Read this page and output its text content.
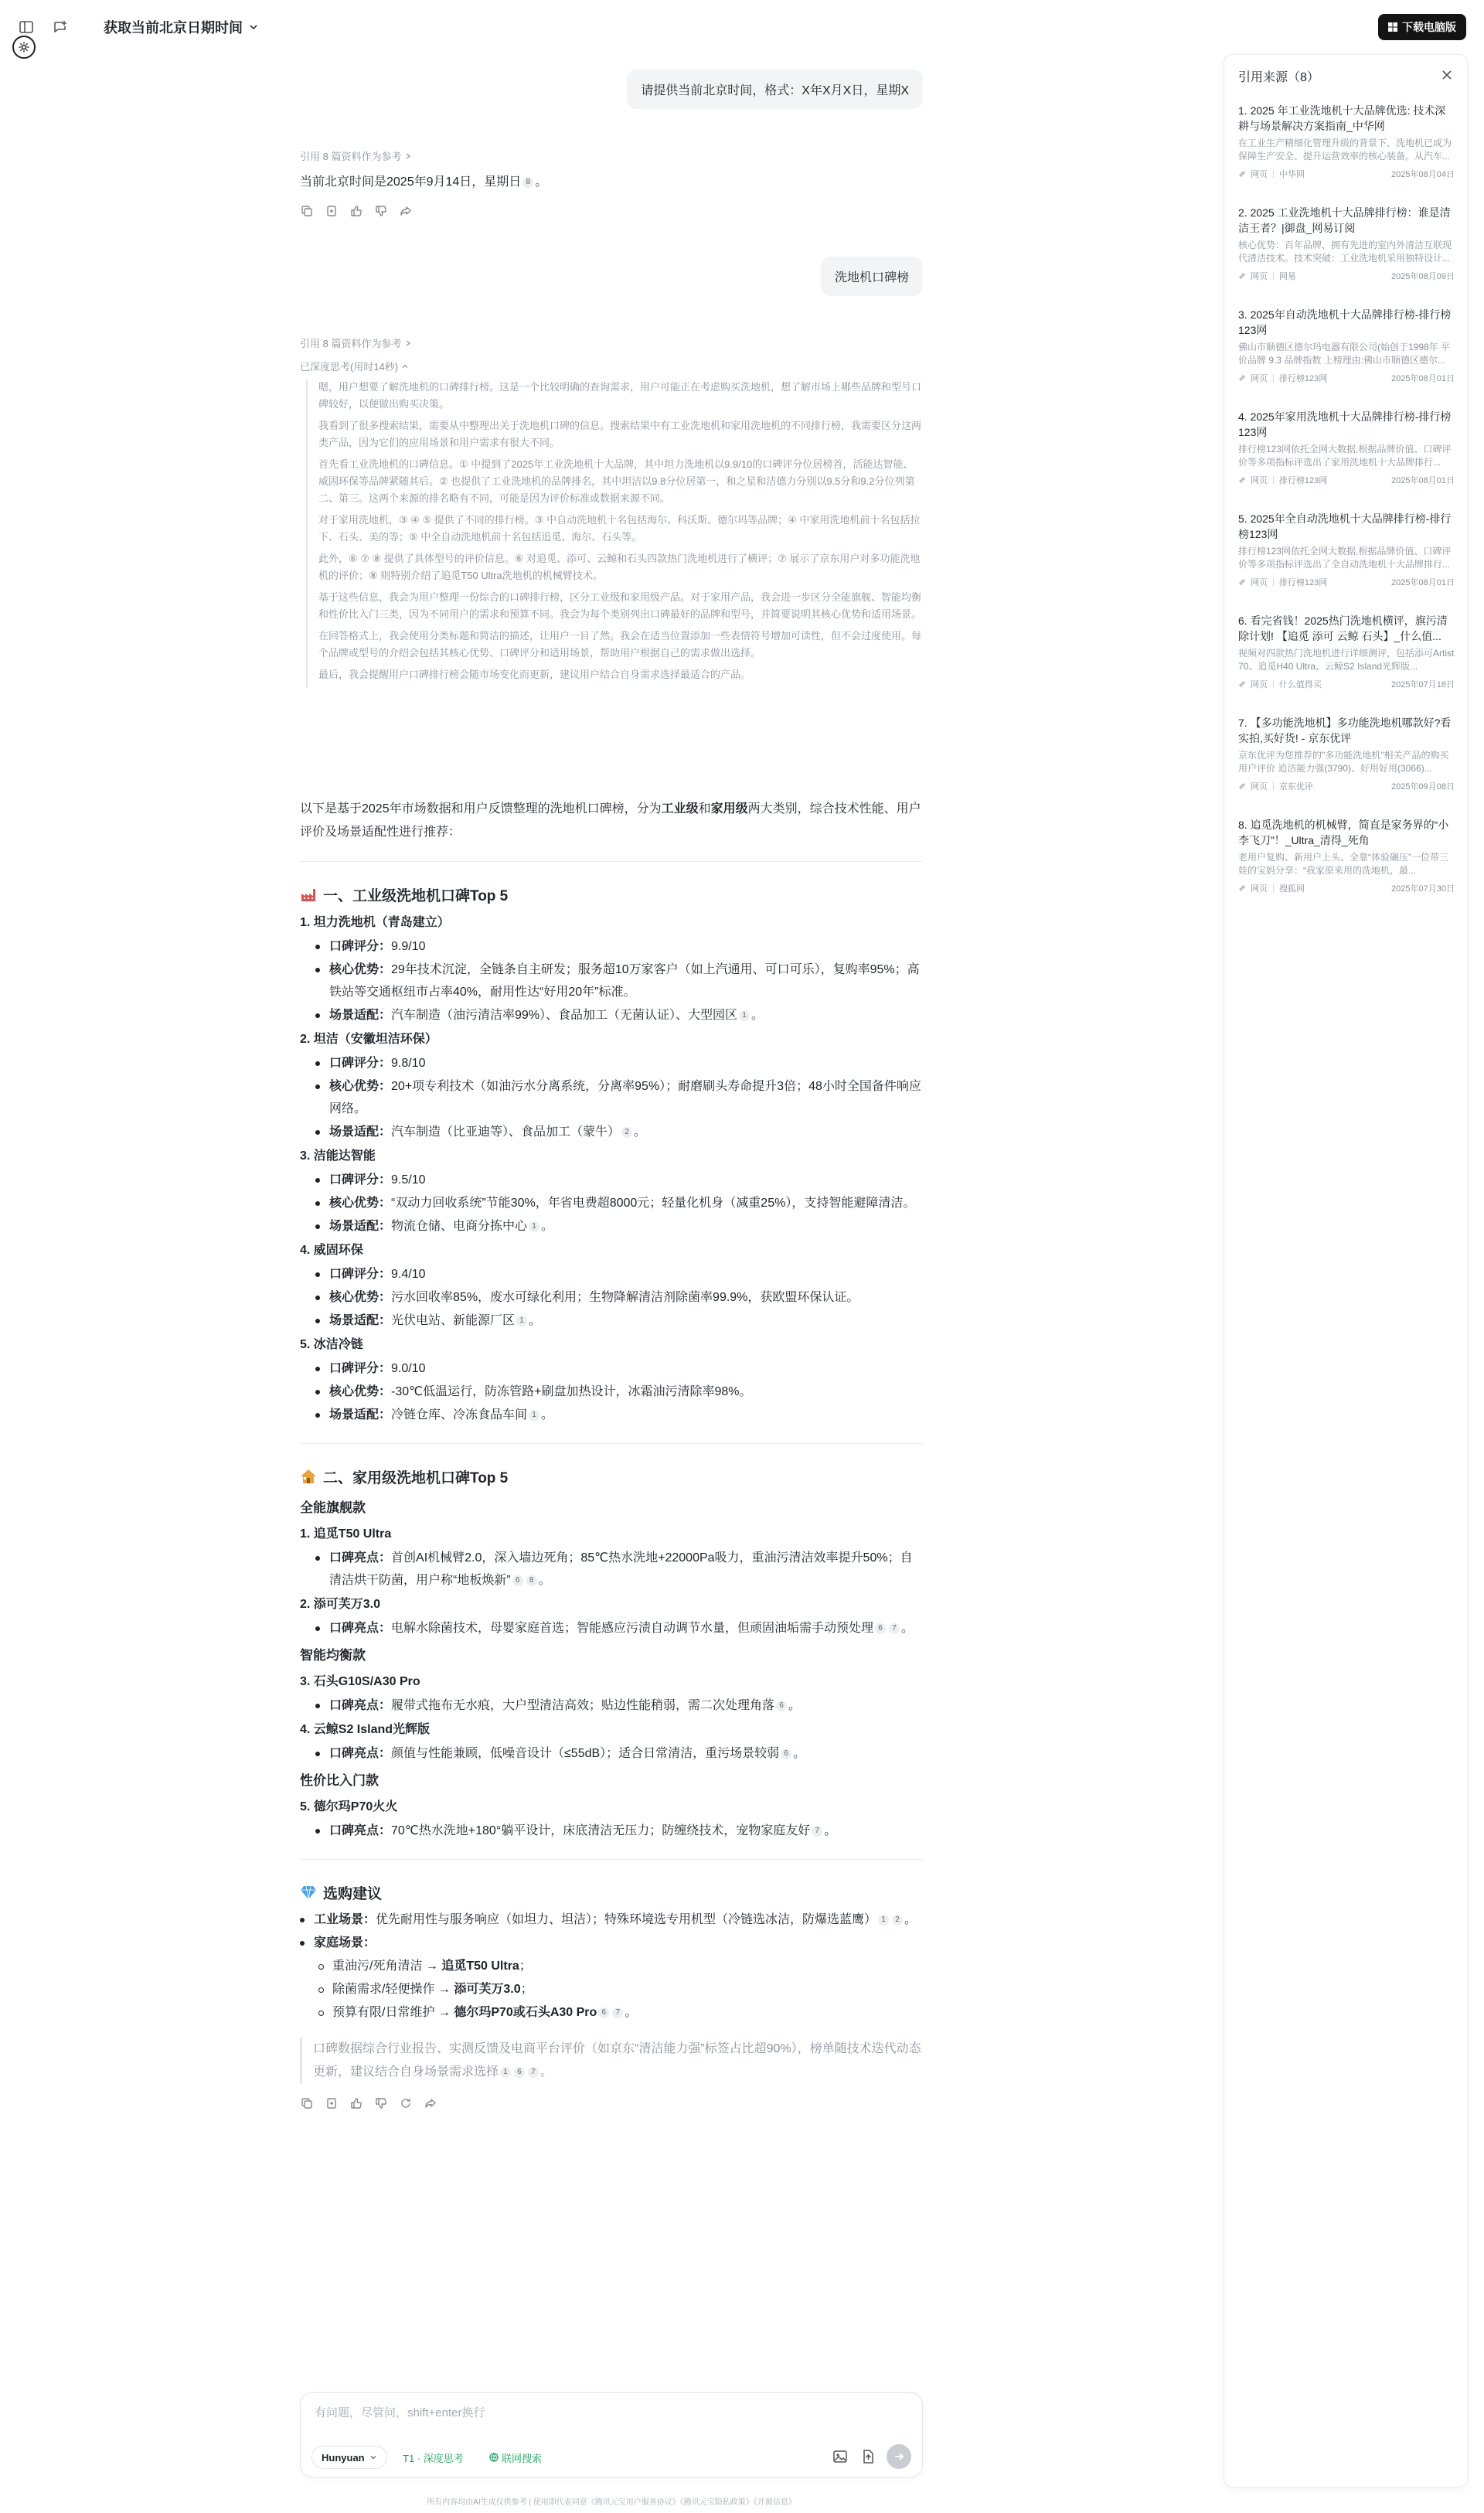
获取当前北京日期时间
请提供当前北京时间，格式：X年X月X日，星期X
引用 8 篇资料作为参考
当前北京时间是2025年9月14日，星期日 8 。
洗地机口碑榜
引用 8 篇资料作为参考
已深度思考(用时14秒)

嗯，用户想要了解洗地机的口碑排行榜。这是一个比较明确的查询需求，用户可能正在考虑购买洗地机，想了解市场上哪些品牌和型号口碑较好，以便做出购买决策。

我看到了很多搜索结果，需要从中整理出关于洗地机口碑的信息。搜索结果中有工业洗地机和家用洗地机的不同排行榜，我需要区分这两类产品，因为它们的应用场景和用户需求有很大不同。

首先看工业洗地机的口碑信息。① 中提到了2025年工业洗地机十大品牌，其中坦力洗地机以9.9/10的口碑评分位居榜首，活能达智能、威固环保等品牌紧随其后。② 也提供了工业洗地机的品牌排名，其中坦洁以9.8分位居第一，和之星和洁德力分别以9.5分和9.2分位列第二、第三。这两个来源的排名略有不同，可能是因为评价标准或数据来源不同。

对于家用洗地机，③ ④ ⑤ 提供了不同的排行榜。③ 中自动洗地机十名包括海尔、科沃斯、德尔玛等品牌；④ 中家用洗地机前十名包括拉下、石头、美的等；⑤ 中全自动洗地机前十名包括追觅、海尔、石头等。

此外，⑥ ⑦ ⑧ 提供了具体型号的评价信息。⑥ 对追觅、添可、云鲸和石头四款热门洗地机进行了横评；⑦ 展示了京东用户对多功能洗地机的评价；⑧ 则特别介绍了追觅T50 Ultra洗地机的机械臂技术。

基于这些信息，我会为用户整理一份综合的口碑排行榜，区分工业级和家用级产品。对于家用产品，我会进一步区分全能旗舰、智能均衡和性价比入门三类，因为不同用户的需求和预算不同。我会为每个类别列出口碑最好的品牌和型号，并简要说明其核心优势和适用场景。

在回答格式上，我会使用分类标题和简洁的描述，让用户一目了然。我会在适当位置添加一些表情符号增加可读性，但不会过度使用。每个品牌或型号的介绍会包括其核心优势、口碑评分和适用场景，帮助用户根据自己的需求做出选择。

最后，我会提醒用户口碑排行榜会随市场变化而更新，建议用户结合自身需求选择最适合的产品。

以下是基于2025年市场数据和用户反馈整理的洗地机口碑榜，分为工业级和家用级两大类别，综合技术性能、用户评价及场景适配性进行推荐：
一、工业级洗地机口碑Top 5
1. 坦力洗地机（青岛建立）
口碑评分：9.9/10
核心优势：29年技术沉淀，全链条自主研发；服务超10万家客户（如上汽通用、可口可乐），复购率95%；高铁站等交通枢纽市占率40%，耐用性达“好用20年”标准。
场景适配：汽车制造（油污清洁率99%）、食品加工（无菌认证）、大型园区 1 。
2. 坦洁（安徽坦洁环保）
口碑评分：9.8/10
核心优势：20+项专利技术（如油污水分离系统，分离率95%）；耐磨刷头寿命提升3倍；48小时全国备件响应网络。
场景适配：汽车制造（比亚迪等）、食品加工（蒙牛） 2 。
3. 洁能达智能
口碑评分：9.5/10
核心优势：“双动力回收系统”节能30%，年省电费超8000元；轻量化机身（减重25%），支持智能避障清洁。
场景适配：物流仓储、电商分拣中心 1 。
4. 威固环保
口碑评分：9.4/10
核心优势：污水回收率85%，废水可绿化利用；生物降解清洁剂除菌率99.9%，获欧盟环保认证。
场景适配：光伏电站、新能源厂区 1 。
5. 冰洁冷链
口碑评分：9.0/10
核心优势：-30℃低温运行，防冻管路+刷盘加热设计，冰霜油污清除率98%。
场景适配：冷链仓库、冷冻食品车间 1 。
二、家用级洗地机口碑Top 5
全能旗舰款
1. 追觅T50 Ultra
口碑亮点：首创AI机械臂2.0，深入墙边死角；85℃热水洗地+22000Pa吸力，重油污清洁效率提升50%；自清洁烘干防菌，用户称“地板焕新” 6 8 。
2. 添可芙万3.0
口碑亮点：电解水除菌技术，母婴家庭首选；智能感应污渍自动调节水量，但顽固油垢需手动预处理 6 7 。
智能均衡款
3. 石头G10S/A30 Pro
口碑亮点：履带式拖布无水痕，大户型清洁高效；贴边性能稍弱，需二次处理角落 6 。
4. 云鲸S2 Island光辉版
口碑亮点：颜值与性能兼顾，低噪音设计（≤55dB）；适合日常清洁，重污场景较弱 6 。
性价比入门款
5. 德尔玛P70火火
口碑亮点：70℃热水洗地+180°躺平设计，床底清洁无压力；防缠绕技术，宠物家庭友好 7 。
选购建议
工业场景：优先耐用性与服务响应（如坦力、坦洁）；特殊环境选专用机型（冷链选冰洁，防爆选蓝鹰） 1 2 。
家庭场景：
重油污/死角清洁 → 追觅T50 Ultra；
除菌需求/轻便操作 → 添可芙万3.0；
预算有限/日常维护 → 德尔玛P70或石头A30 Pro 6 7 。
口碑数据综合行业报告、实测反馈及电商平台评价（如京东“清洁能力强”标签占比超90%），榜单随技术迭代动态更新，建议结合自身场景需求选择 1 6 7 。
有问题，尽管问，shift+enter换行
Hunyuan	T1 · 深度思考	联网搜索
所有内容均由AI生成仅供参考 | 使用即代表同意《腾讯元宝用户服务协议》《腾讯元宝隐私政策》《开源信息》
下载电脑版
引用来源（8）
1. 2025 年工业洗地机十大品牌优选: 技术深耕与场景解决方案指南_中华网
在工业生产精细化管理升级的背景下，洗地机已成为保障生产安全、提升运营效率的核心装备。从汽车...
网页 | 中华网	2025年08月04日
2. 2025 工业洗地机十大品牌排行榜：谁是清洁王者？|御盘_网易订阅
核心优势：百年品牌，拥有先进的室内外清洁互联现代清洁技术。技术突破：工业洗地机采用独特设计...
网页 | 网易	2025年08月09日
3. 2025年自动洗地机十大品牌排行榜-排行榜123网
佛山市顺德区德尔玛电器有限公司(始创于1998年 平价品牌 9.3 品牌指数 上榜理由:佛山市顺德区德尔...
网页 | 排行榜123网	2025年08月01日
4. 2025年家用洗地机十大品牌排行榜-排行榜123网
排行榜123网依托全网大数据,根据品牌价值、口碑评价等多项指标评选出了家用洗地机十大品牌排行...
网页 | 排行榜123网	2025年08月01日
5. 2025年全自动洗地机十大品牌排行榜-排行榜123网
排行榜123网依托全网大数据,根据品牌价值、口碑评价等多项指标评选出了全自动洗地机十大品牌排行...
网页 | 排行榜123网	2025年08月01日
6. 看完省钱！2025热门洗地机横评，旗污清除计划! 【追觅 添可 云鲸 石头】_什么值...
视频对四款热门洗地机进行详细测评，包括添可Artist 70、追觅H40 Ultra、云鲸S2 Island光辉版...
网页 | 什么值得买	2025年07月18日
7. 【多功能洗地机】多功能洗地机哪款好?看实拍,买好货! - 京东优评
京东优评为您推荐的"多功能洗地机"相关产品的购买用户评价 追洁能力强(3790)、好用好用(3066)...
网页 | 京东优评	2025年09月08日
8. 追觅洗地机的机械臂，简直是家务界的“小李飞刀”！_Ultra_清得_死角
老用户复购、新用户上头、全靠“体验碾压”一位带三娃的宝妈分享：“我家原来用的洗地机，最...
网页 | 搜狐网	2025年07月30日
